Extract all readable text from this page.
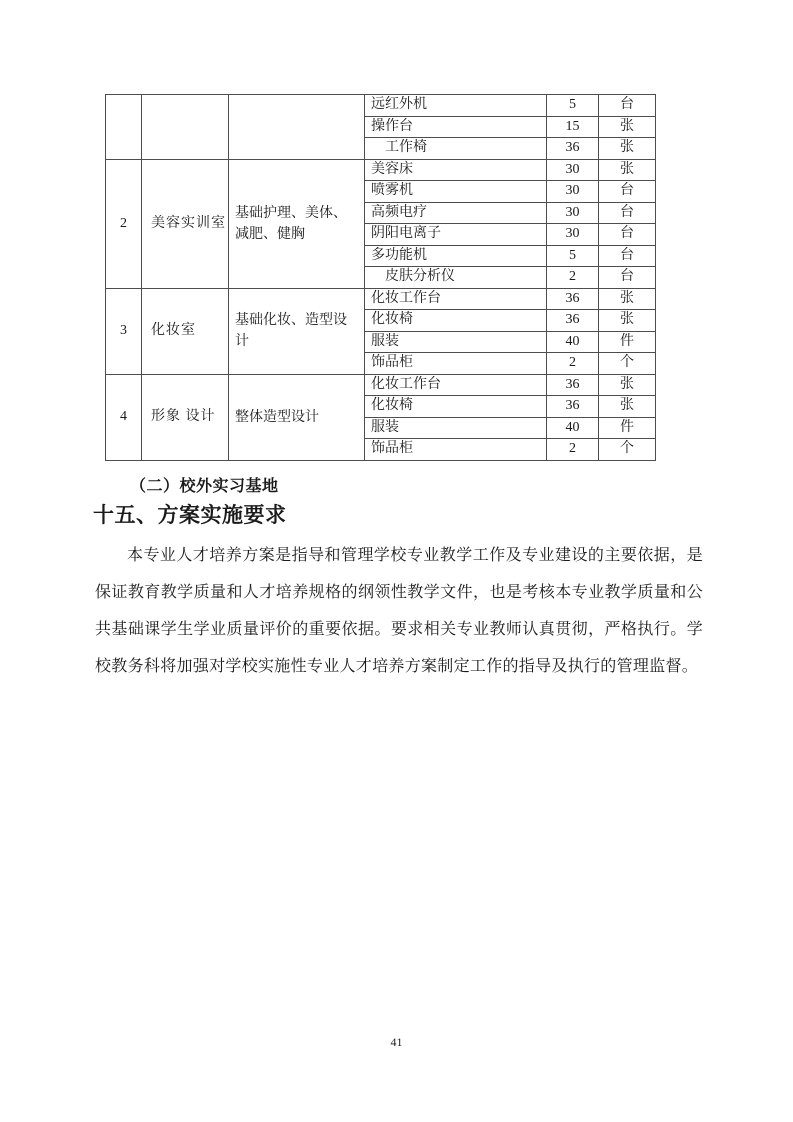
			远红外机	5	台
			操作台	15	张
			　工作椅	36	张
2	美容实训室	基础护理、美体、减肥、健胸	美容床	30	张
			喷雾机	30	台
			高频电疗	30	台
			阴阳电离子	30	台
			多功能机	5	台
			　皮肤分析仪	2	台
3	化妆室	基础化妆、造型设计	化妆工作台	36	张
			化妆椅	36	张
			服装	40	件
			饰品柜	2	个
4	形象 设计	整体造型设计	化妆工作台	36	张
			化妆椅	36	张
			服装	40	件
			饰品柜	2	个
（二）校外实习基地
十五、方案实施要求

本专业人才培养方案是指导和管理学校专业教学工作及专业建设的主要依据，是保证教育教学质量和人才培养规格的纲领性教学文件，也是考核本专业教学质量和公共基础课学生学业质量评价的重要依据。要求相关专业教师认真贯彻，严格执行。学校教务科将加强对学校实施性专业人才培养方案制定工作的指导及执行的管理监督。

41
